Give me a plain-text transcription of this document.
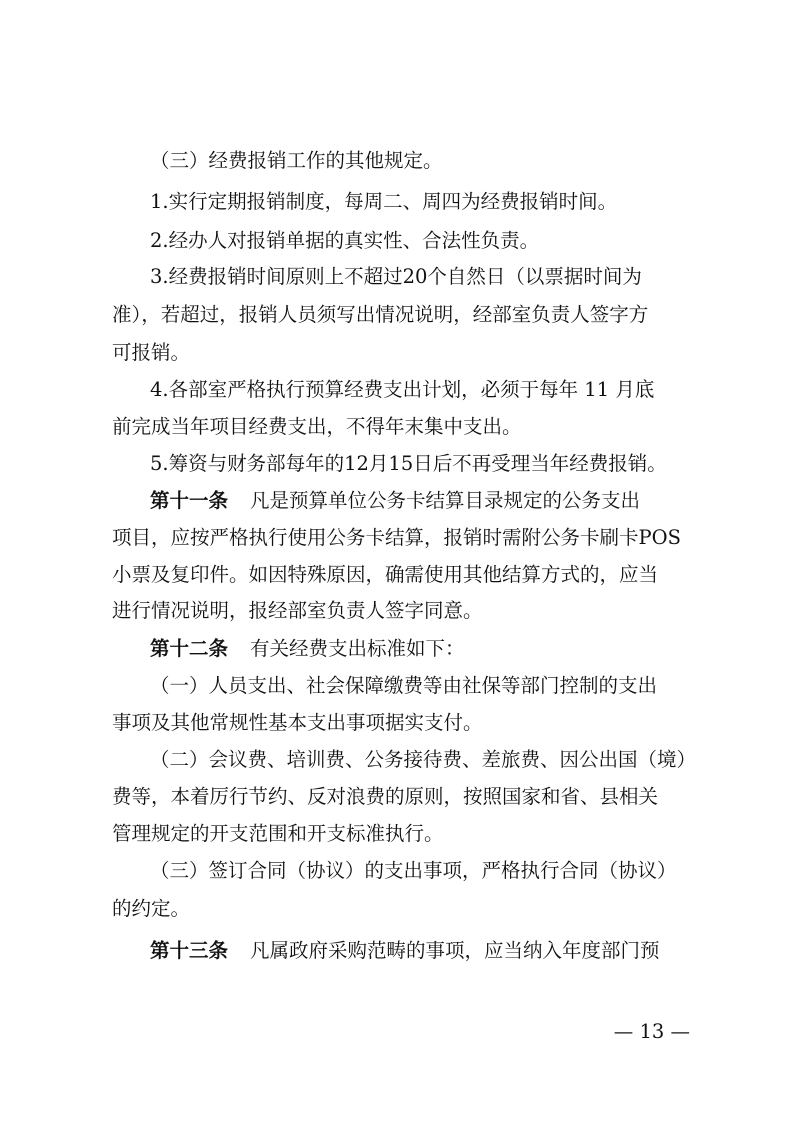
（三）经费报销工作的其他规定。
1.实行定期报销制度，每周二、周四为经费报销时间。
2.经办人对报销单据的真实性、合法性负责。
3.经费报销时间原则上不超过20个自然日（以票据时间为
准），若超过，报销人员须写出情况说明，经部室负责人签字方
可报销。
4.各部室严格执行预算经费支出计划，必须于每年 11 月底
前完成当年项目经费支出，不得年末集中支出。
5.筹资与财务部每年的12月15日后不再受理当年经费报销。
第十一条 凡是预算单位公务卡结算目录规定的公务支出
项目，应按严格执行使用公务卡结算，报销时需附公务卡刷卡POS
小票及复印件。如因特殊原因，确需使用其他结算方式的，应当
进行情况说明，报经部室负责人签字同意。
第十二条 有关经费支出标准如下：
（一）人员支出、社会保障缴费等由社保等部门控制的支出
事项及其他常规性基本支出事项据实支付。
（二）会议费、培训费、公务接待费、差旅费、因公出国（境）
费等，本着厉行节约、反对浪费的原则，按照国家和省、县相关
管理规定的开支范围和开支标准执行。
（三）签订合同（协议）的支出事项，严格执行合同（协议）
的约定。
第十三条 凡属政府采购范畴的事项，应当纳入年度部门预
— 13 —
